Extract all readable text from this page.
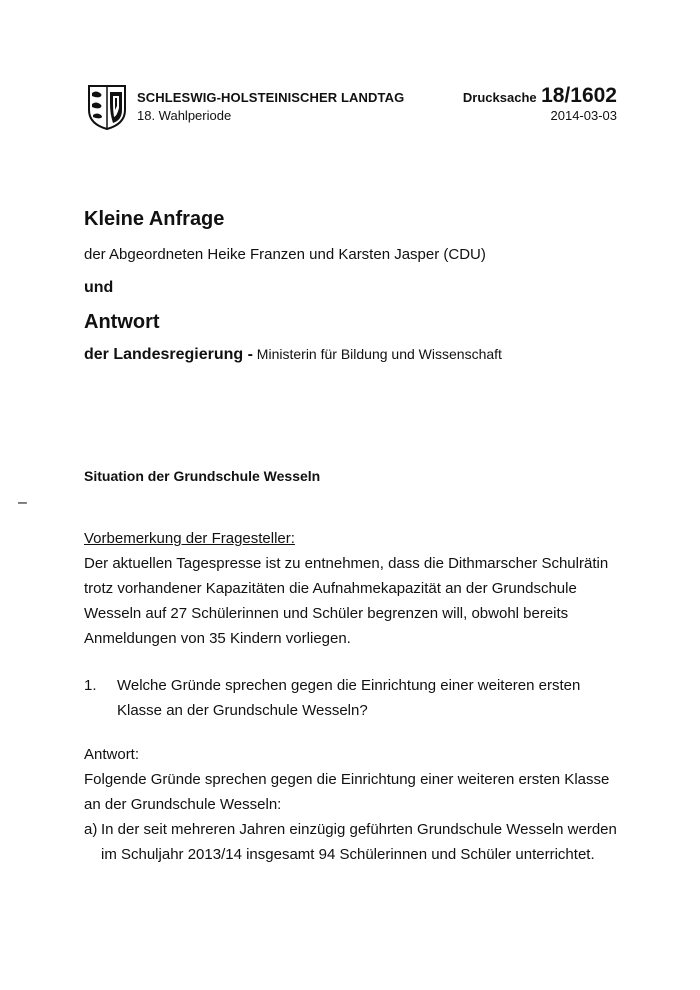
SCHLESWIG-HOLSTEINISCHER LANDTAG
18. Wahlperiode
Drucksache 18/1602
2014-03-03
Kleine Anfrage
der Abgeordneten Heike Franzen und Karsten Jasper (CDU)
und
Antwort
der Landesregierung - Ministerin für Bildung und Wissenschaft
Situation der Grundschule Wesseln
–

Vorbemerkung der Fragesteller:

Der aktuellen Tagespresse ist zu entnehmen, dass die Dithmarscher Schulrätin trotz vorhandener Kapazitäten die Aufnahmekapazität an der Grundschule Wesseln auf 27 Schülerinnen und Schüler begrenzen will, obwohl bereits Anmeldungen von 35 Kindern vorliegen.

1. Welche Gründe sprechen gegen die Einrichtung einer weiteren ersten Klasse an der Grundschule Wesseln?

Antwort:

Folgende Gründe sprechen gegen die Einrichtung einer weiteren ersten Klasse an der Grundschule Wesseln:

a) In der seit mehreren Jahren einzügig geführten Grundschule Wesseln werden im Schuljahr 2013/14 insgesamt 94 Schülerinnen und Schüler unterrichtet.
